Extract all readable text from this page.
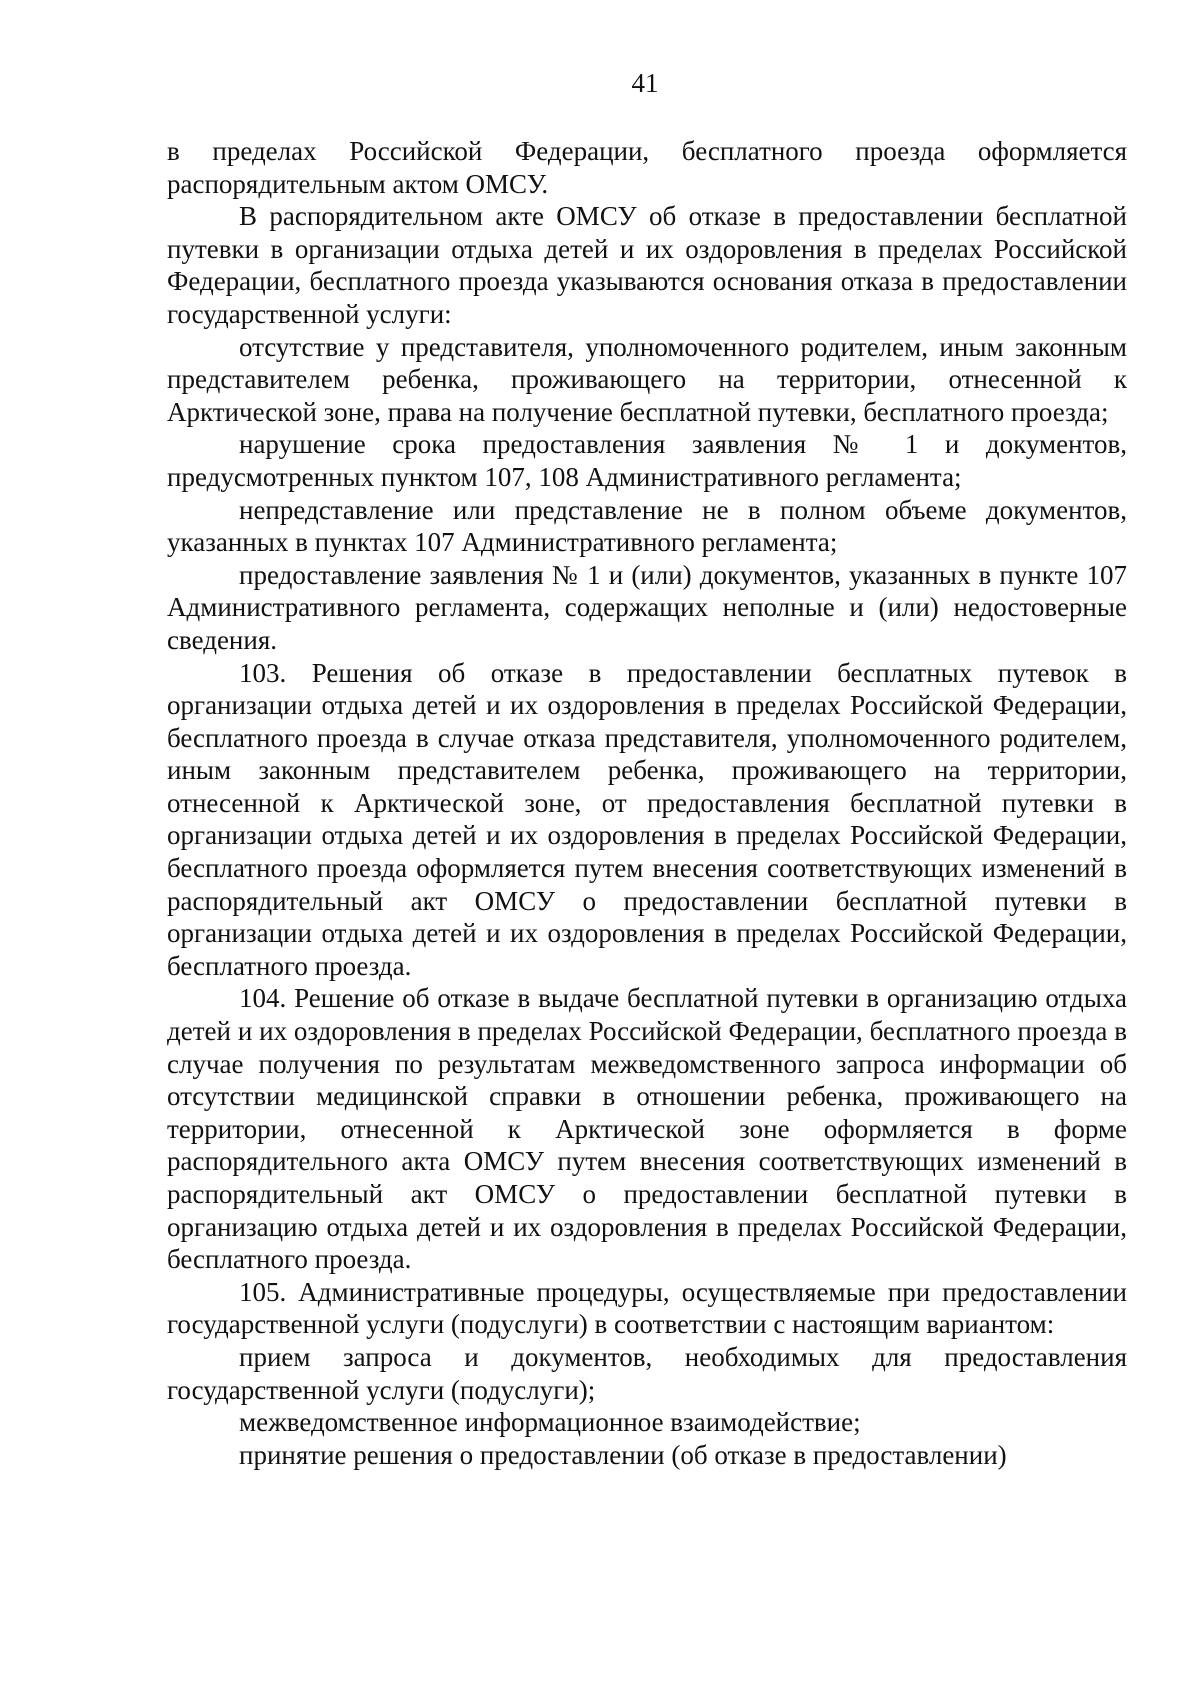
41

в пределах Российской Федерации, бесплатного проезда оформляется распорядительным актом ОМСУ.

В распорядительном акте ОМСУ об отказе в предоставлении бесплатной путевки в организации отдыха детей и их оздоровления в пределах Российской Федерации, бесплатного проезда указываются основания отказа в предоставлении государственной услуги:

отсутствие у представителя, уполномоченного родителем, иным законным представителем ребенка, проживающего на территории, отнесенной к Арктической зоне, права на получение бесплатной путевки, бесплатного проезда;

нарушение срока предоставления заявления № 1 и документов, предусмотренных пунктом 107, 108 Административного регламента;

непредставление или представление не в полном объеме документов, указанных в пунктах 107 Административного регламента;

предоставление заявления № 1 и (или) документов, указанных в пункте 107 Административного регламента, содержащих неполные и (или) недостоверные сведения.

103. Решения об отказе в предоставлении бесплатных путевок в организации отдыха детей и их оздоровления в пределах Российской Федерации, бесплатного проезда в случае отказа представителя, уполномоченного родителем, иным законным представителем ребенка, проживающего на территории, отнесенной к Арктической зоне, от предоставления бесплатной путевки в организации отдыха детей и их оздоровления в пределах Российской Федерации, бесплатного проезда оформляется путем внесения соответствующих изменений в распорядительный акт ОМСУ о предоставлении бесплатной путевки в организации отдыха детей и их оздоровления в пределах Российской Федерации, бесплатного проезда.

104. Решение об отказе в выдаче бесплатной путевки в организацию отдыха детей и их оздоровления в пределах Российской Федерации, бесплатного проезда в случае получения по результатам межведомственного запроса информации об отсутствии медицинской справки в отношении ребенка, проживающего на территории, отнесенной к Арктической зоне оформляется в форме распорядительного акта ОМСУ путем внесения соответствующих изменений в распорядительный акт ОМСУ о предоставлении бесплатной путевки в организацию отдыха детей и их оздоровления в пределах Российской Федерации, бесплатного проезда.

105. Административные процедуры, осуществляемые при предоставлении государственной услуги (подуслуги) в соответствии с настоящим вариантом:

прием запроса и документов, необходимых для предоставления государственной услуги (подуслуги);

межведомственное информационное взаимодействие;

принятие решения о предоставлении (об отказе в предоставлении)
